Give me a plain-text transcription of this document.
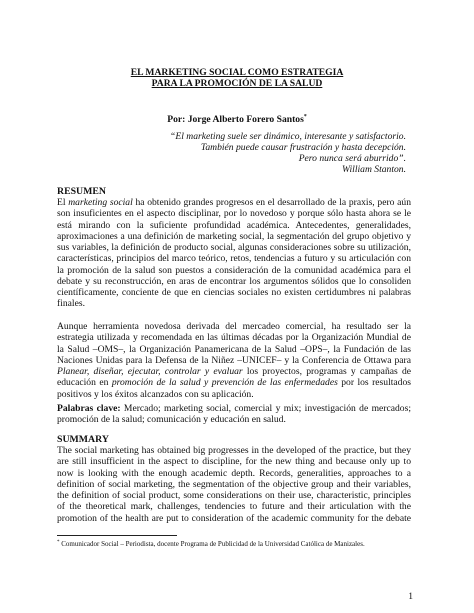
EL MARKETING SOCIAL COMO ESTRATEGIA
PARA LA PROMOCIÓN DE LA SALUD
Por: Jorge Alberto Forero Santos*
“El marketing suele ser dinámico, interesante y satisfactorio.
También puede causar frustración y hasta decepción.
Pero nunca será aburrido”.
William Stanton.
RESUMEN
El marketing social ha obtenido grandes progresos en el desarrollado de la praxis, pero aún
son insuficientes en el aspecto disciplinar, por lo novedoso y porque sólo hasta ahora se le
está mirando con la suficiente profundidad académica. Antecedentes, generalidades,
aproximaciones a una definición de marketing social, la segmentación del grupo objetivo y
sus variables, la definición de producto social, algunas consideraciones sobre su utilización,
características, principios del marco teórico, retos, tendencias a futuro y su articulación con
la promoción de la salud son puestos a consideración de la comunidad académica para el
debate y su reconstrucción, en aras de encontrar los argumentos sólidos que lo consoliden
científicamente, conciente de que en ciencias sociales no existen certidumbres ni palabras
finales.
Aunque herramienta novedosa derivada del mercadeo comercial, ha resultado ser la
estrategia utilizada y recomendada en las últimas décadas por la Organización Mundial de
la Salud –OMS–, la Organización Panamericana de la Salud –OPS–, la Fundación de las
Naciones Unidas para la Defensa de la Niñez –UNICEF– y la Conferencia de Ottawa para
Planear, diseñar, ejecutar, controlar y evaluar los proyectos, programas y campañas de
educación en promoción de la salud y prevención de las enfermedades por los resultados
positivos y los éxitos alcanzados con su aplicación.
Palabras clave: Mercado; marketing social, comercial y mix; investigación de mercados;
promoción de la salud; comunicación y educación en salud.
SUMMARY
The social marketing has obtained big progresses in the developed of the practice, but they
are still insufficient in the aspect to discipline, for the new thing and because only up to
now is looking with the enough academic depth. Records, generalities, approaches to a
definition of social marketing, the segmentation of the objective group and their variables,
the definition of social product, some considerations on their use, characteristic, principles
of the theoretical mark, challenges, tendencies to future and their articulation with the
promotion of the health are put to consideration of the academic community for the debate
* Comunicador Social – Periodista, docente Programa de Publicidad de la Universidad Católica de Manizales.
1
